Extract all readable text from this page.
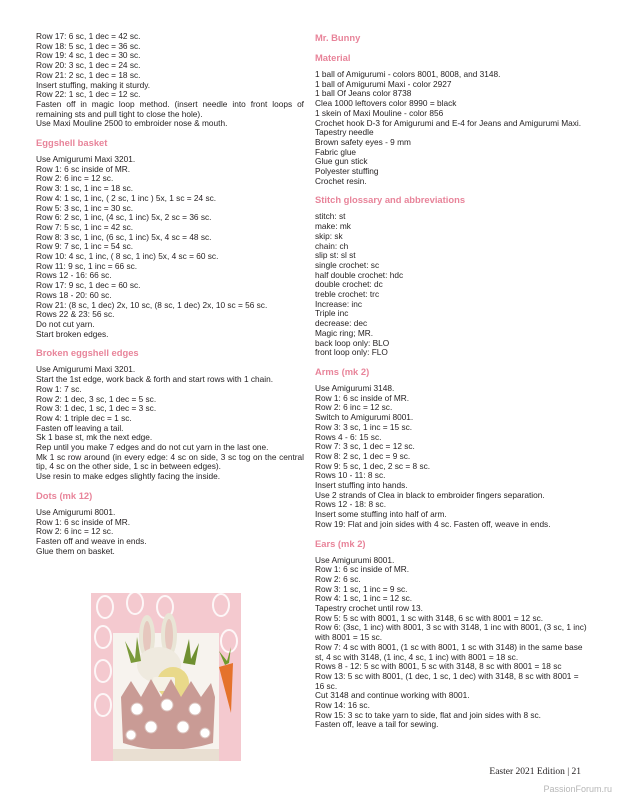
Row 17: 6 sc, 1 dec = 42 sc.
Row 18: 5 sc, 1 dec = 36 sc.
Row 19: 4 sc, 1 dec = 30 sc.
Row 20: 3 sc, 1 dec = 24 sc.
Row 21: 2 sc, 1 dec = 18 sc.
Insert stuffing, making it sturdy.
Row 22: 1 sc, 1 dec = 12 sc.
Fasten off in magic loop method. (insert needle into front loops of remaining sts and pull tight to close the hole).
Use Maxi Mouline 2500 to embroider nose & mouth.
Eggshell basket
Use Amigurumi Maxi 3201.
Row 1: 6 sc inside of MR.
Row 2: 6 inc = 12 sc.
Row 3: 1 sc, 1 inc = 18 sc.
Row 4: 1 sc, 1 inc, ( 2 sc, 1 inc ) 5x, 1 sc = 24 sc.
Row 5: 3 sc, 1 inc = 30 sc.
Row 6: 2 sc, 1 inc, (4 sc, 1 inc) 5x, 2 sc = 36 sc.
Row 7: 5 sc, 1 inc = 42 sc.
Row 8: 3 sc, 1 inc, (6 sc, 1 inc) 5x, 4 sc = 48 sc.
Row 9: 7 sc, 1 inc = 54 sc.
Row 10: 4 sc, 1 inc, ( 8 sc, 1 inc) 5x, 4 sc = 60 sc.
Row 11: 9 sc, 1 inc = 66 sc.
Rows 12 - 16: 66 sc.
Row 17: 9 sc, 1 dec = 60 sc.
Rows 18 - 20: 60 sc.
Row 21: (8 sc, 1 dec) 2x, 10 sc, (8 sc, 1 dec) 2x, 10 sc = 56 sc.
Rows 22 & 23: 56 sc.
Do not cut yarn.
Start broken edges.
Broken eggshell edges
Use Amigurumi Maxi 3201.
Start the 1st edge, work back & forth and start rows with 1 chain.
Row 1: 7 sc.
Row 2: 1 dec, 3 sc, 1 dec = 5 sc.
Row 3: 1 dec, 1 sc, 1 dec = 3 sc.
Row 4: 1 triple dec = 1 sc.
Fasten off leaving a tail.
Sk 1 base st, mk the next edge.
Rep until you make 7 edges and do not cut yarn in the last one.
Mk 1 sc row around (in every edge: 4 sc on side, 3 sc tog on the central tip, 4 sc on the other side, 1 sc in between edges).
Use resin to make edges slightly facing the inside.
Dots (mk 12)
Use Amigurumi 8001.
Row 1: 6 sc inside of MR.
Row 2: 6 inc = 12 sc.
Fasten off and weave in ends.
Glue them on basket.
Mr. Bunny
Material
1 ball of Amigurumi - colors 8001, 8008, and 3148.
1 ball of Amigurumi Maxi - color 2927
1 ball Of Jeans color 8738
Clea 1000 leftovers color 8990 = black
1 skein of Maxi Mouline - color 856
Crochet hook D-3 for Amigurumi and E-4 for Jeans and Amigurumi Maxi.
Tapestry needle
Brown safety eyes - 9 mm
Fabric glue
Glue gun stick
Polyester stuffing
Crochet resin.
Stitch glossary and abbreviations
stitch: st
make: mk
skip: sk
chain: ch
slip st: sl st
single crochet: sc
half double crochet: hdc
double crochet: dc
treble crochet: trc
Increase: inc
Triple inc
decrease: dec
Magic ring; MR.
back loop only: BLO
front loop only: FLO
Arms (mk 2)
Use Amigurumi 3148.
Row 1: 6 sc inside of MR.
Row 2: 6 inc = 12 sc.
Switch to Amigurumi 8001.
Row 3: 3 sc, 1 inc = 15 sc.
Rows 4 - 6: 15 sc.
Row 7: 3 sc, 1 dec = 12 sc.
Row 8: 2 sc, 1 dec = 9 sc.
Row 9: 5 sc, 1 dec, 2 sc = 8 sc.
Rows 10 - 11: 8 sc.
Insert stuffing into hands.
Use 2 strands of Clea in black to embroider fingers separation.
Rows 12 - 18: 8 sc.
Insert some stuffing into half of arm.
Row 19: Flat and join sides with 4 sc. Fasten off, weave in ends.
Ears (mk 2)
Use Amigurumi 8001.
Row 1: 6 sc inside of MR.
Row 2: 6 sc.
Row 3: 1 sc, 1 inc = 9 sc.
Row 4: 1 sc, 1 inc = 12 sc.
Tapestry crochet until row 13.
Row 5: 5 sc with 8001, 1 sc with 3148, 6 sc with 8001 = 12 sc.
Row 6: (3sc, 1 inc) with 8001, 3 sc with 3148, 1 inc with 8001, (3 sc, 1 inc) with 8001 = 15 sc.
Row 7: 4 sc with 8001, (1 sc with 8001, 1 sc with 3148) in the same base st, 4 sc with 3148, (1 inc, 4 sc, 1 inc) with 8001 = 18 sc.
Rows 8 - 12: 5 sc with 8001, 5 sc with 3148, 8 sc with 8001 = 18 sc
Row 13: 5 sc with 8001, (1 dec, 1 sc, 1 dec) with 3148, 8 sc with 8001 = 16 sc.
Cut 3148 and continue working with 8001.
Row 14: 16 sc.
Row 15: 3 sc to take yarn to side, flat and join sides with 8 sc.
Fasten off, leave a tail for sewing.
Easter 2021 Edition | 21
PassionForum.ru
